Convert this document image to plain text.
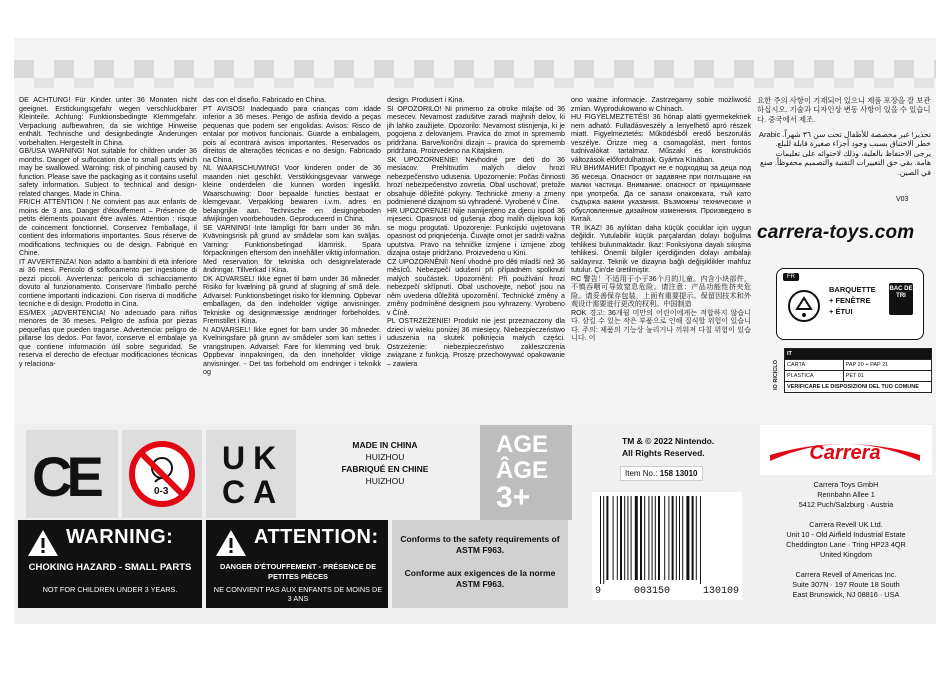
DE ACHTUNG! Für Kinder unter 36 Monaten nicht geeignet. Erstickungsgefahr wegen verschluckbarer Kleinteile. Achtung: Funktionsbedingte Klemmgefahr. Verpackung aufbewahren, da sie wichtige Hinweise enthält. Technische und designbedingte Änderungen vorbehalten. Hergestellt in China.
GB/USA WARNING! Not suitable for children under 36 months. Danger of suffocation due to small parts which may be swallowed. Warning: risk of pinching caused by function. Please save the packaging as it contains useful safety information. Subject to technical and design-related changes. Made in China.
FR/CH ATTENTION ! Ne convient pas aux enfants de moins de 3 ans. Danger d'étouffement – Présence de petits éléments pouvant être avalés. Attention : risque de coincement fonctionnel. Conservez l'emballage, il contient des informations importantes. Sous réserve de modifications techniques ou de design. Fabriqué en Chine.
IT AVVERTENZA! Non adatto a bambini di età inferiore ai 36 mesi. Pericolo di soffocamento per ingestione di pezzi piccoli. Avvertenza: pericolo di schiacciamento dovuto al funzionamento. Conservare l'imballo perché contiene importanti indicazioni. Con riserva di modifiche tecniche e di design. Prodotto in Cina.
ES/MEX ¡ADVERTENCIA! No adecuado para niños menores de 36 meses. Peligro de asfixia por piezas pequeñas que pueden tragarse. Advertencia: peligro de pillarse los dedos. Por favor, conserve el embalaje ya que contiene información útil sobre seguridad. Se reserva el derecho de efectuar modificaciones técnicas y relaciona-
das con el diseño. Fabricado en China.
PT AVISOS! Inadequado para crianças com idade inferior a 36 meses. Perigo de asfixia devido a peças pequenas que podem ser engolidas. Avisos: Risco de entalar por motivos funcionais. Guarde a embalagem, pois aí econtrará avisos importantes. Reservados os direitos de alterações técnicas e no design. Fabricado na China.
NL WAARSCHUWING! Voor kinderen onder de 36 maanden niet geschikt. Verstikkingsgevaar vanwege kleine onderdelen die kunnen worden ingeslikt. Waarschuwing: Door bepaalde functies bestaat er klemgevaar. Verpakking bewaren i.v.m. adres en belangrijke aan. Technische en designgeboden afwijkingen voorbehouden. Geproduceerd in China.
SE VARNING! Inte lämpligt för barn under 36 mån. Kvävningsrisk på grund av smådelar som kan sväljas. Varning: Funktionsbetingad klämrisk. Spara förpackningen eftersom den innehåller viktig information. Med reservation för tekniska och designrelaterade ändringar. Tillverkad i Kina.
DK ADVARSEL! Ikke egnet til børn under 36 måneder. Risiko for kvælning på grund af slugning af små dele. Advarsel: Funktionsbetinget risiko for klemning. Opbevar emballagen, da den indeholder vigtige anvisninger. Tekniske og designmæssige ændringer forbeholdes. Fremstillet i Kina.
N ADVARSEL! Ikke egnet for barn under 36 måneder. Kvelningsfare på grunn av smådeler som kan settes i vrangstrupen. Advarsel: Fare for klemming ved bruk. Oppbevar innpakningen, da den inneholder viktige anvisninger. - Det tas forbehold om endringer i teknikk og
design. Produsert i Kina.
SI OPOZORILO! Ni primerno za otroke mlajše od 36 mesecev. Nevarnost zadušitve zaradi majhnih delov, ki jih lahko zaužijete. Opozorilo: Nevarnost stisnjenja, ki je pogojena z delovanjem. Pravica do zmot in sprememb pridržana. Barve/končni dizajn – pravica do sprememb pridržana. Proizvedeno na Kitajskem.
SK UPOZORNENIE! Nevhodné pre deti do 36 mesiacov. Prehltnutím malých dielov hrozí nebezpečenstvo udusenia. Upozornenie: Počas činnosti hrozí nebezpečenstvo zovretia. Obal uschovať, pretože obsahuje dôležité pokyny. Technické zmeny a zmeny podmienené dizajnom sú vyhradené. Vyrobené v Číne.
HR UPOZORENJE! Nije namijenjeno za djecu ispod 36 mjeseci. Opasnost od gušenja zbog malih dijelova koji se mogu progutati. Upozorenje: Funkcijski uvjetovana opasnost od priqnjećenja. Čuvajte omot jer sadrži važna uputstva. Pravo na tehničke izmjene i izmjene zbog dizajna ostaje pridržano. Proizvedeno u Kini.
CZ UPOZORNĚNÍ! Není vhodné pro děti mladší než 36 měsíců. Nebezpečí udušení při případném spolknutí malých součástek. Upozornění: Při používání hrozí nebezpečí skřípnutí. Obal uschovejte, neboť jsou na něm uvedena důležitá upozornění. Technické změny a změny podmíněné designem jsou vyhrazeny. Vyrobeno v Číně.
PL OSTRZEŻENIE! Produkt nie jest przeznaczony dla dzieci w wieku poniżej 36 miesięcy. Niebezpieczeństwo uduszenia na skutek połknięcia małych części. Ostrzeżenie: niebezpieczeństwo zakleszczenia związane z funkcją. Proszę przechowywać opakowanie – zawiera
ono ważne informacje. Zastrzegamy sobie możliwość zmian. Wyprodukowano w Chinach.
HU FIGYELMEZTETÉS! 36 hónap alatti gyermekeknek nem adható. Fulladásveszély a lenyelhető apró részek miatt. Figyelmeztetés: Működésből eredő beszorulás veszélye. Őrizze meg a csomagolást, mert fontos tudnivalókat tartalmaz. Műszaki és konstrukciós változások előfordulhatnak. Gyártva Kínában.
RU ВНИМАНИЕ! Продукт не е подходящ за деца под 36 месеца. Опасност от задавяне при поглъщане на малки частици. Внимание: опасност от прищипване при употреба. Да се запази опаковката, тъй като съдържа важни указания. Възможны технические и обусловленные дизайном изменения. Произведено в Китай.
TR İKAZ! 36 aylıktan daha küçük çocuklar için uygun değildir. Yutulabilir küçük parçalardan dolayı boğulma tehlikesi bulunmaktadır. İkaz: Fonksiyona dayalı sıkışma tehlikesi. Önemli bilgiler içerdiğinden dolayı ambalajı saklayınız. Teknik ve dizayna bağlı değişiklikler mahfuz tutulur. Çin'de üretilmiştir.
RC 警告！不适用于小于36个月的儿童。内含小块部件，不慎吞咽可导致窒息危险。请注意：产品功能性挤夹危险。请妥善保存包装，上面有重要提示。保留因技术和外观设计需要进行更改的权利。中国制造
ROK 경고: 36개월 미만의 어린이에게는 적합하지 않습니다. 삼킬 수 있는 작은 부품으로 인해 질식할 위험이 있습니다. 주의: 제품의 기능상 눌리거나 끼워져 다칠 위험이 있습니다. 이
요한 주의 사항이 기재되어 있으니 제품 포장을 잘 보관하십시오. 기술과 디자인상 변동 사항이 있을 수 있습니다. 중국에서 제조.
تحذير! غير مخصصة للأطفال تحت سن ٣٦ شهراً. Arabic خطر الاختناق بسبب وجود أجزاء صغيرة قابلة للبلع. يرجى الاحتفاظ بالعلبة، وذلك لاحتوائه على تعليمات هامة. بقي حق التغييرات التقنية والتصميم محفوظاً. صنع في الصين.
V03
carrera-toys.com
FR
BARQUETTE
+ FENÊTRE
+ ÉTUI
BAC DE TRI
IO RICICLO
IT	
CARTA	PAP 20 + PAP 21
PLASTICA	PET 01
VERIFICARE LE DISPOSIZIONI DEL TUO COMUNE	
CE	0-3
UK
CA
MADE IN CHINA
HUIZHOU
FABRIQUÉ EN CHINE
HUIZHOU
AGE
ÂGE
3+
TM & © 2022 Nintendo.
All Rights Reserved.
Item No.: 158 13010
Carrera
Carrera Toys GmbH
Rennbahn Allee 1
5412 Puch/Salzburg · Austria
Carrera Revell UK Ltd.
Unit 10 - Old Airfield Industrial Estate
Cheddington Lane · Tring HP23 4QR
United Kingdom
Carrera Revell of Americas Inc.
Suite 307N · 197 Route 18 South
East Brunswick, NJ 08816 · USA
WARNING:
CHOKING HAZARD - SMALL PARTS
NOT FOR CHILDREN UNDER 3 YEARS.
ATTENTION:
DANGER D'ÉTOUFFEMENT - PRÉSENCE DE PETITES PIÈCES
NE CONVIENT PAS AUX ENFANTS DE MOINS DE 3 ANS
Conforms to the safety requirements of ASTM F963.
Conforme aux exigences de la norme ASTM F963.
9	003150	130109
